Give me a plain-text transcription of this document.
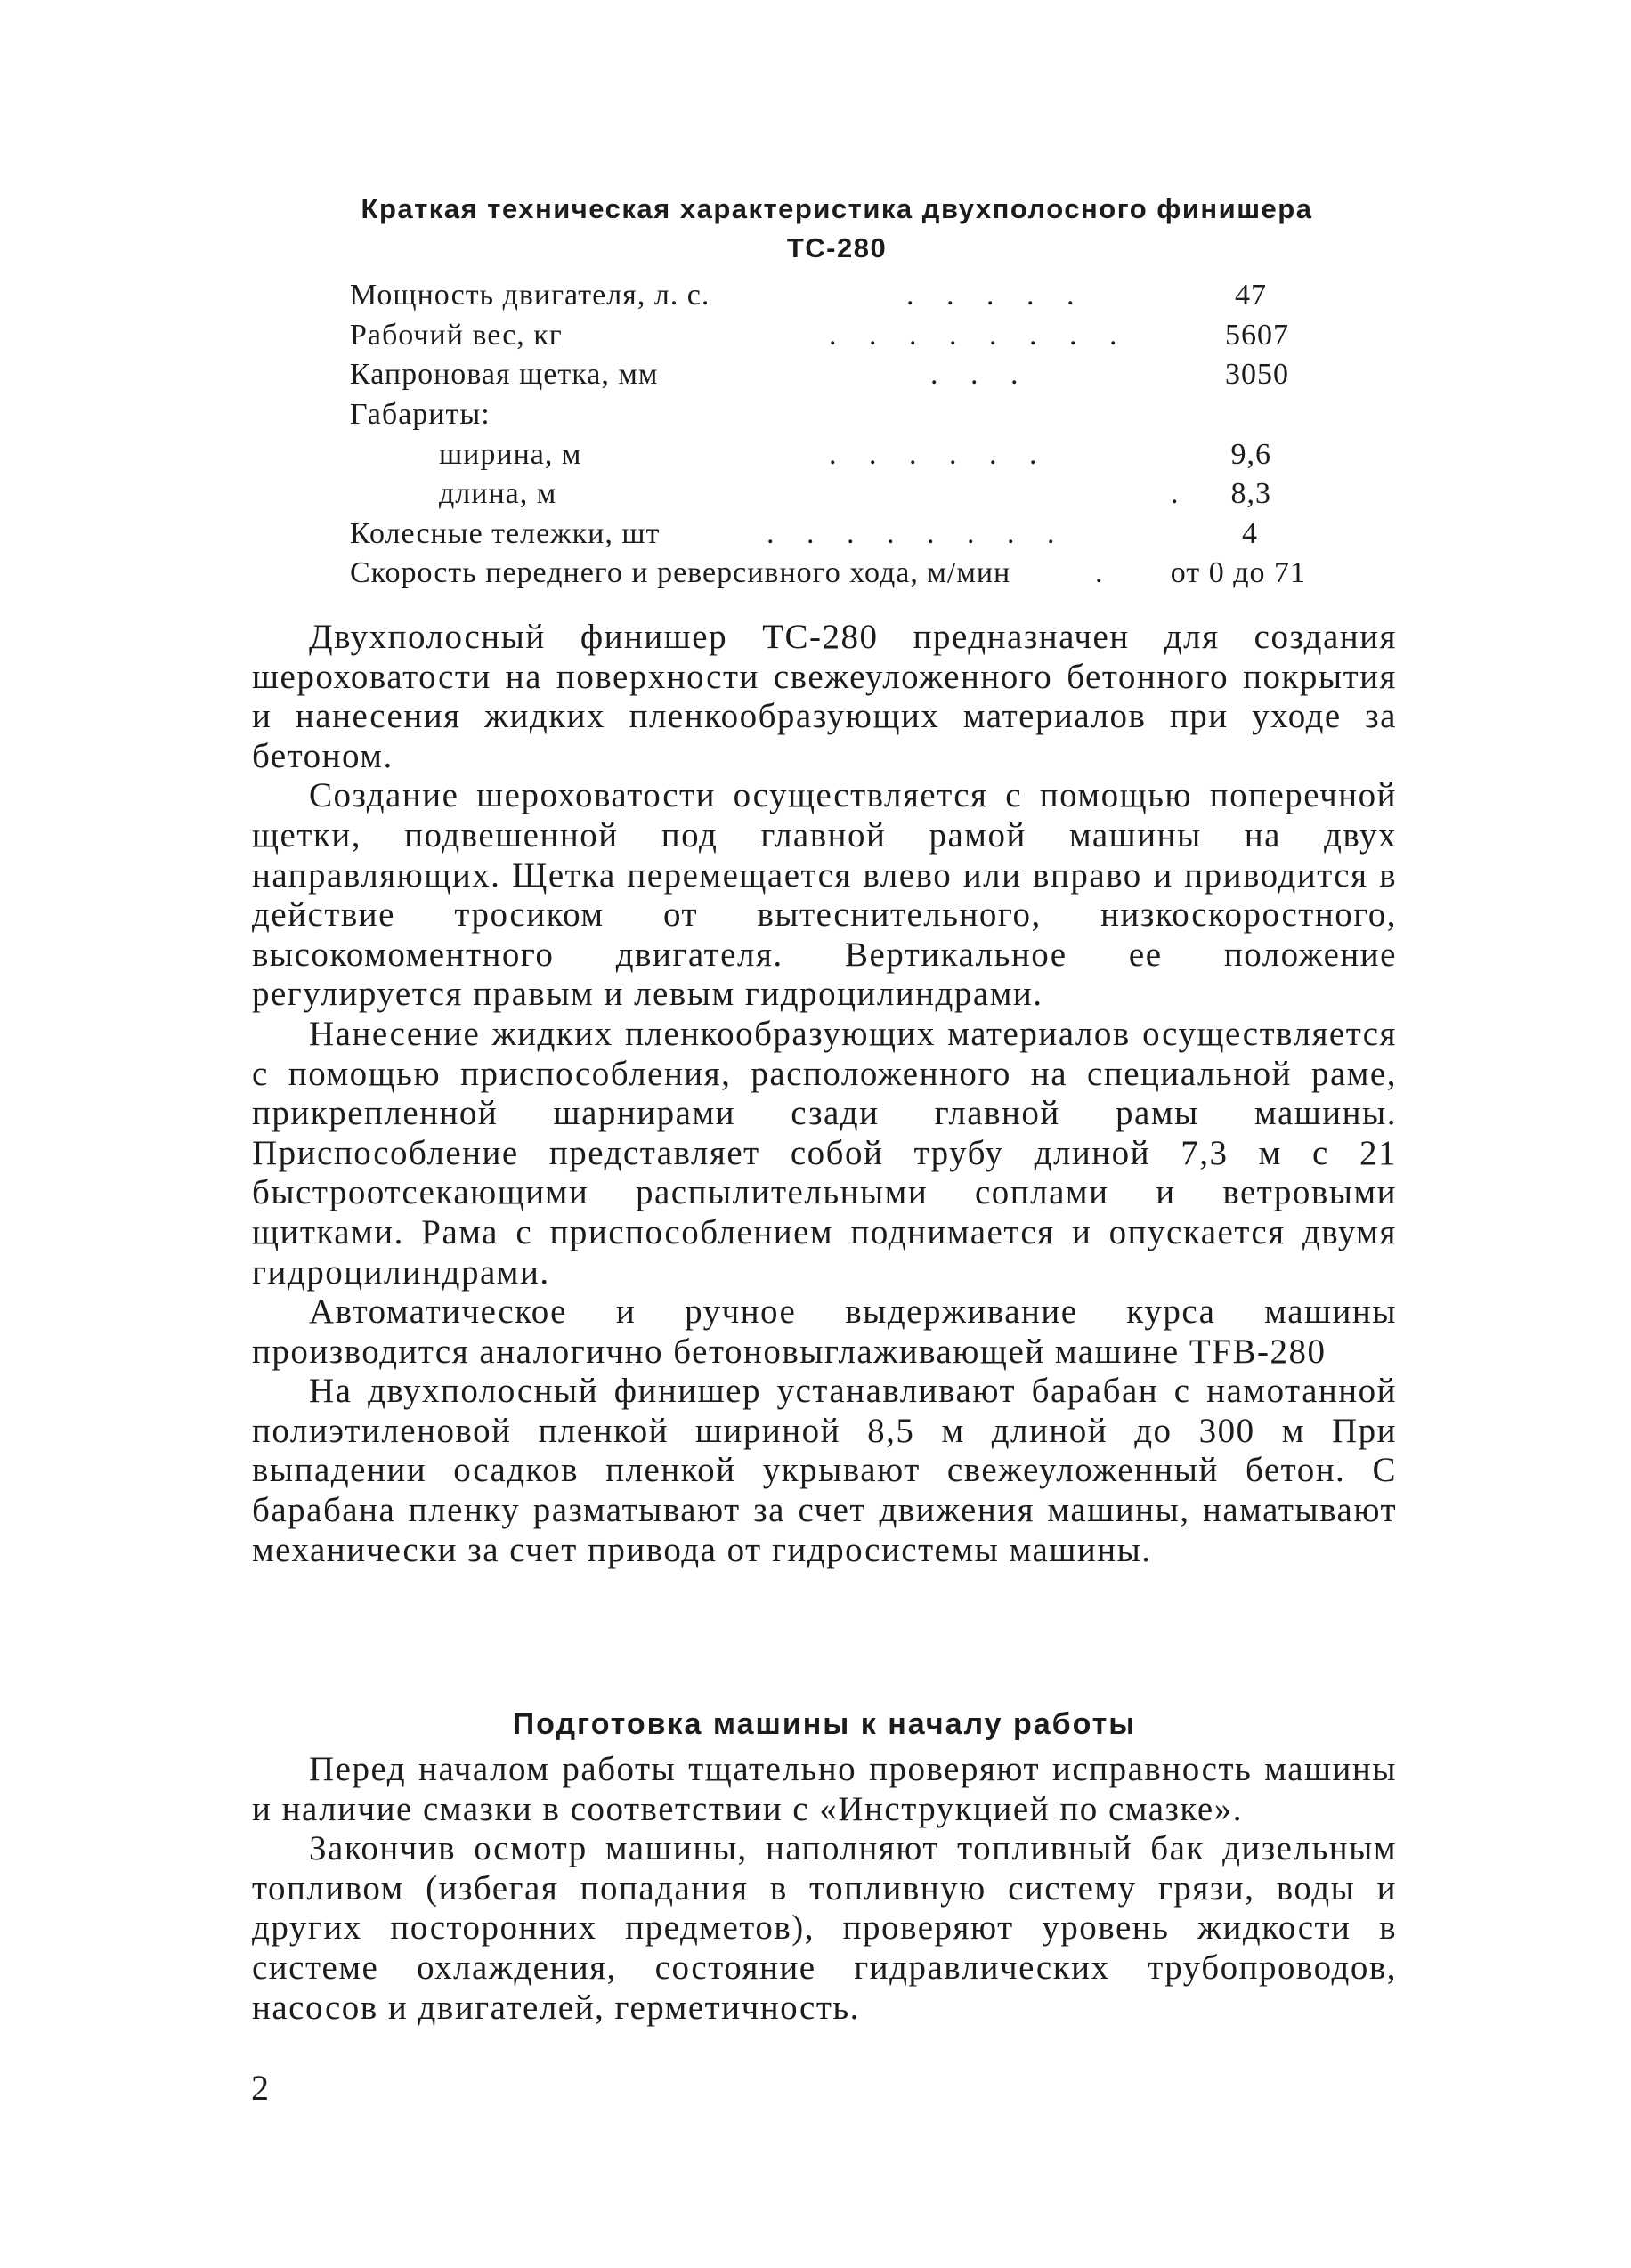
Краткая техническая характеристика двухполосного финишера
ТС-280
Мощность двигателя, л. с.	. . . . .	47
Рабочий вес, кг	. . . . . . . .	5607
Капроновая щетка, мм	. . .	3050
Габариты:
ширина, м	. . . . . .	9,6
длина, м	. 8,3
Колесные тележки, шт	. . . . . . . .	4
Скорость переднего и реверсивного хода, м/мин	. от 0 до 71

Двухполосный финишер ТС-280 предназначен для создания шероховатости на поверхности свежеуложенного бетонного покрытия и нанесения жидких пленкообразующих материалов при уходе за бетоном.

Создание шероховатости осуществляется с помощью поперечной щетки, подвешенной под главной рамой машины на двух направляющих. Щетка перемещается влево или вправо и приводится в действие тросиком от вытеснительного, низкоскоростного, высокомоментного двигателя. Вертикальное ее положение регулируется правым и левым гидроцилиндрами.

Нанесение жидких пленкообразующих материалов осуществляется с помощью приспособления, расположенного на специальной раме, прикрепленной шарнирами сзади главной рамы машины. Приспособление представляет собой трубу длиной 7,3 м с 21 быстроотсекающими распылительными соплами и ветровыми щитками. Рама с приспособлением поднимается и опускается двумя гидроцилиндрами.

Автоматическое и ручное выдерживание курса машины производится аналогично бетоновыглаживающей машине TFB-280

На двухполосный финишер устанавливают барабан с намотанной полиэтиленовой пленкой шириной 8,5 м длиной до 300 м При выпадении осадков пленкой укрывают свежеуложенный бетон. С барабана пленку разматывают за счет движения машины, наматывают механически за счет привода от гидросистемы машины.

Подготовка машины к началу работы

Перед началом работы тщательно проверяют исправность машины и наличие смазки в соответствии с «Инструкцией по смазке».

Закончив осмотр машины, наполняют топливный бак дизельным топливом (избегая попадания в топливную систему грязи, воды и других посторонних предметов), проверяют уровень жидкости в системе охлаждения, состояние гидравлических трубопроводов, насосов и двигателей, герметичность.

2
